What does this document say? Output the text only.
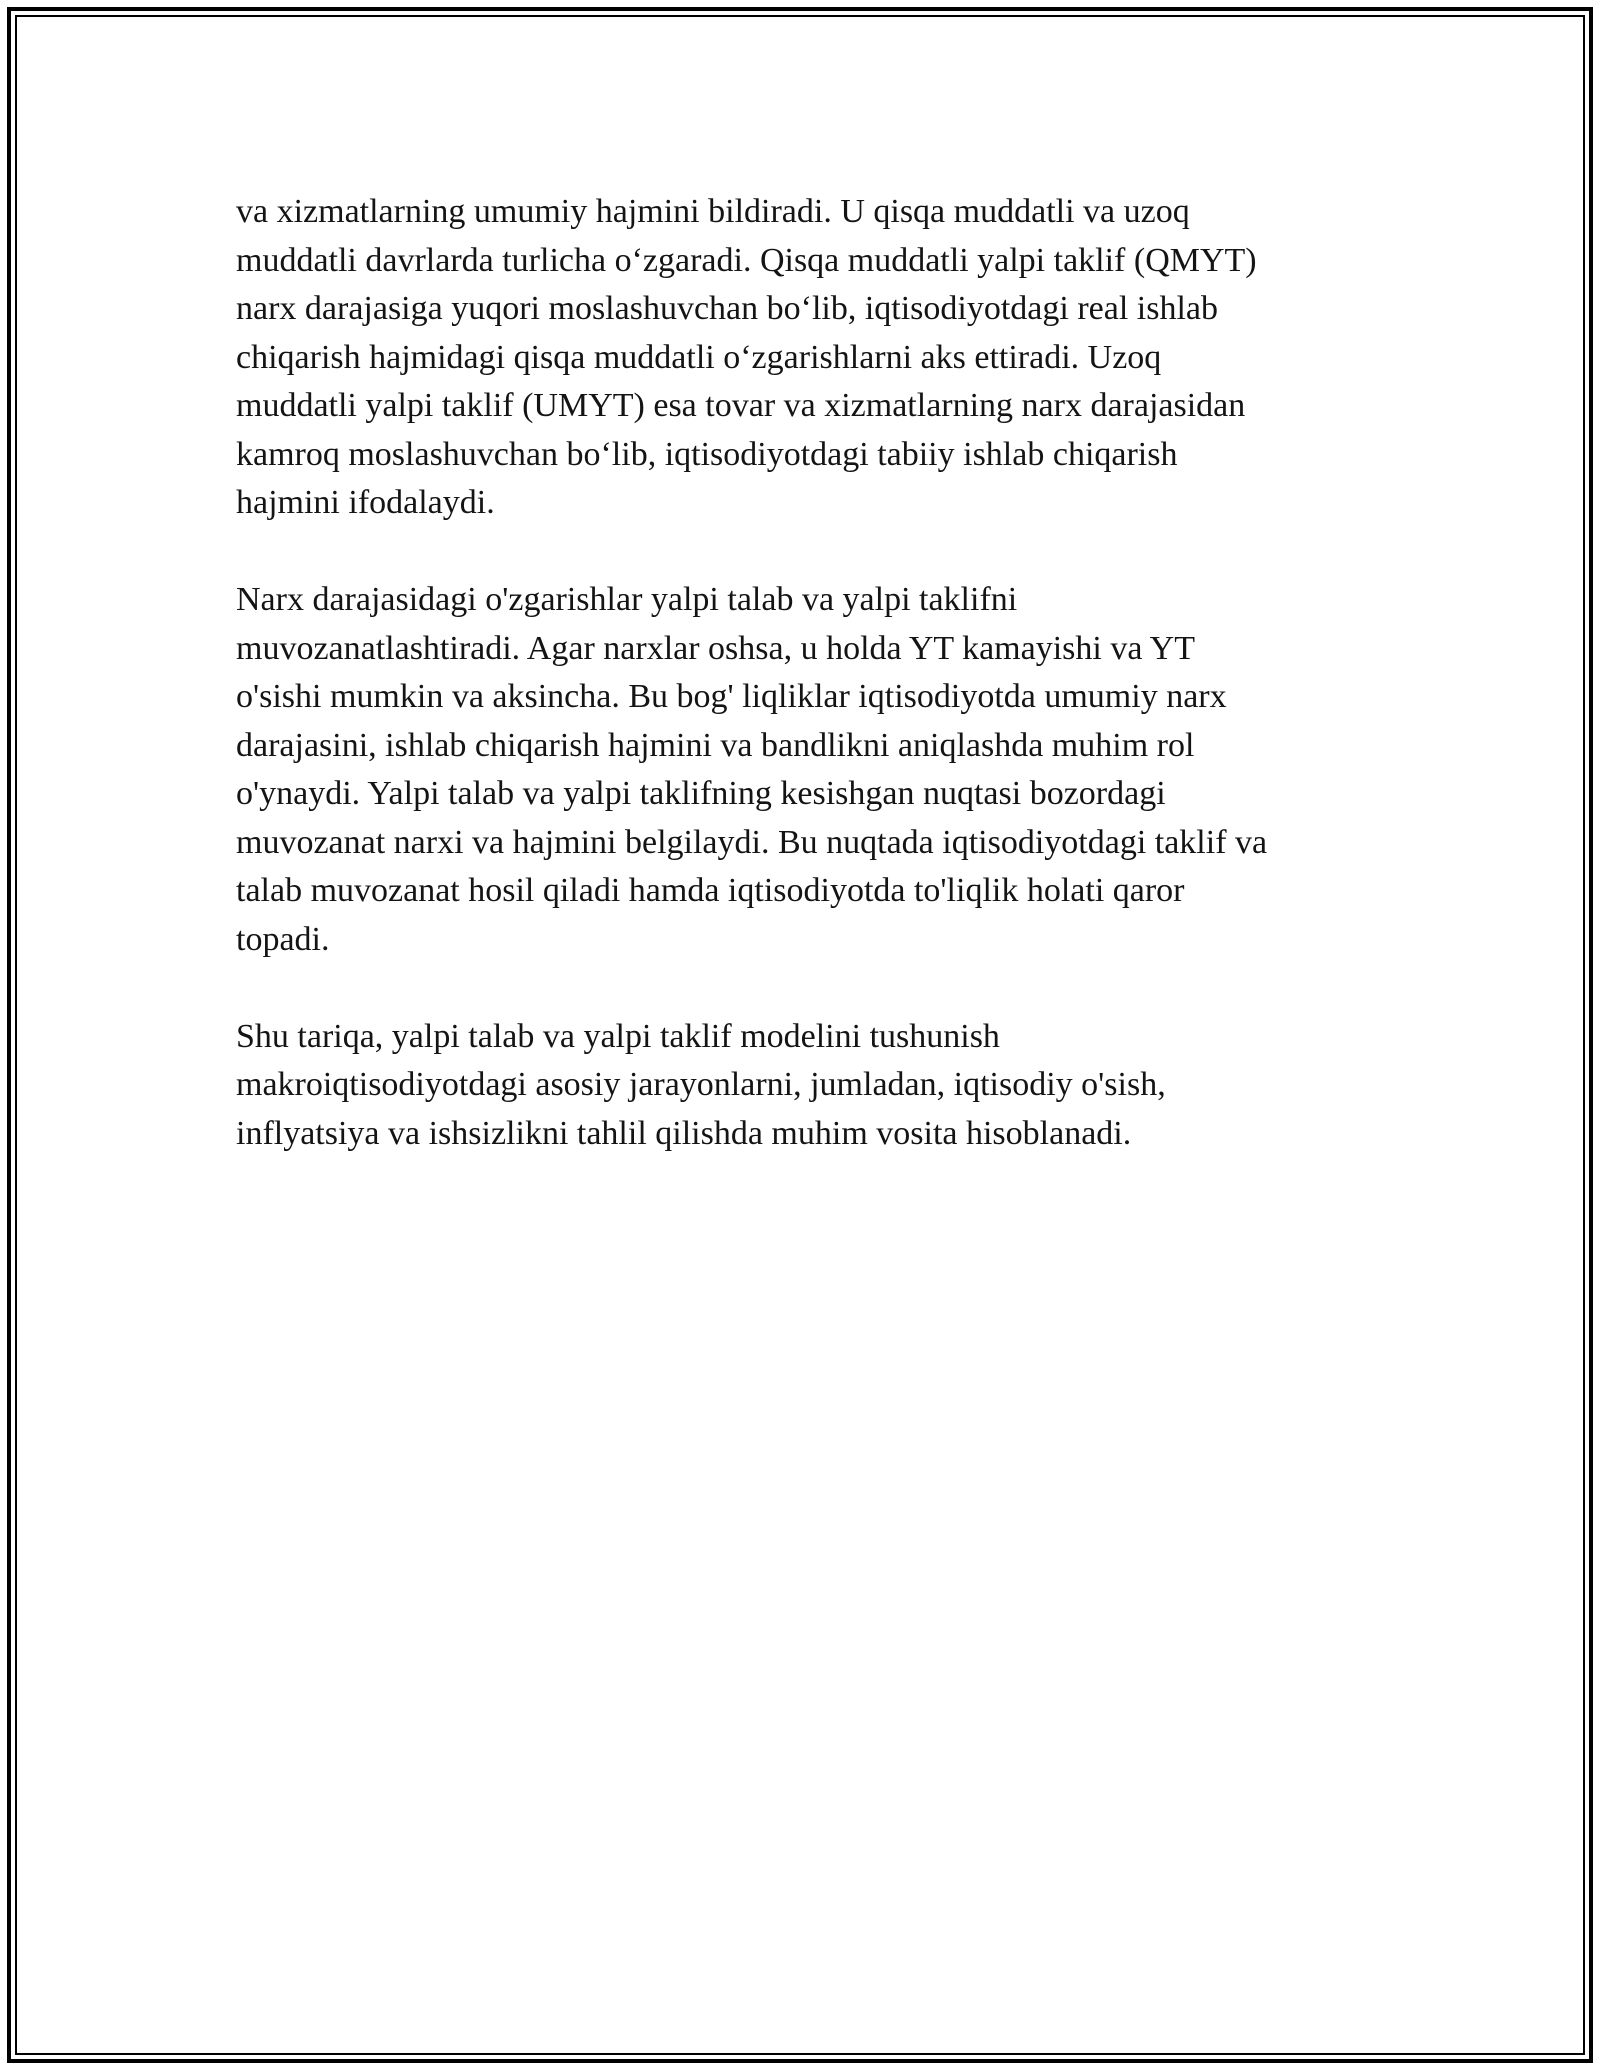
va xizmatlarning umumiy hajmini bildiradi. U qisqa muddatli va uzoq
muddatli davrlarda turlicha o‘zgaradi. Qisqa muddatli yalpi taklif (QMYT)
narx darajasiga yuqori moslashuvchan bo‘lib, iqtisodiyotdagi real ishlab
chiqarish hajmidagi qisqa muddatli o‘zgarishlarni aks ettiradi. Uzoq
muddatli yalpi taklif (UMYT) esa tovar va xizmatlarning narx darajasidan
kamroq moslashuvchan bo‘lib, iqtisodiyotdagi tabiiy ishlab chiqarish
hajmini ifodalaydi.

Narx darajasidagi o'zgarishlar yalpi talab va yalpi taklifni
muvozanatlashtiradi. Agar narxlar oshsa, u holda YT kamayishi va YT
o'sishi mumkin va aksincha. Bu bog' liqliklar iqtisodiyotda umumiy narx
darajasini, ishlab chiqarish hajmini va bandlikni aniqlashda muhim rol
o'ynaydi. Yalpi talab va yalpi taklifning kesishgan nuqtasi bozordagi
muvozanat narxi va hajmini belgilaydi. Bu nuqtada iqtisodiyotdagi taklif va
talab muvozanat hosil qiladi hamda iqtisodiyotda to'liqlik holati qaror
topadi.

Shu tariqa, yalpi talab va yalpi taklif modelini tushunish
makroiqtisodiyotdagi asosiy jarayonlarni, jumladan, iqtisodiy o'sish,
inflyatsiya va ishsizlikni tahlil qilishda muhim vosita hisoblanadi.
